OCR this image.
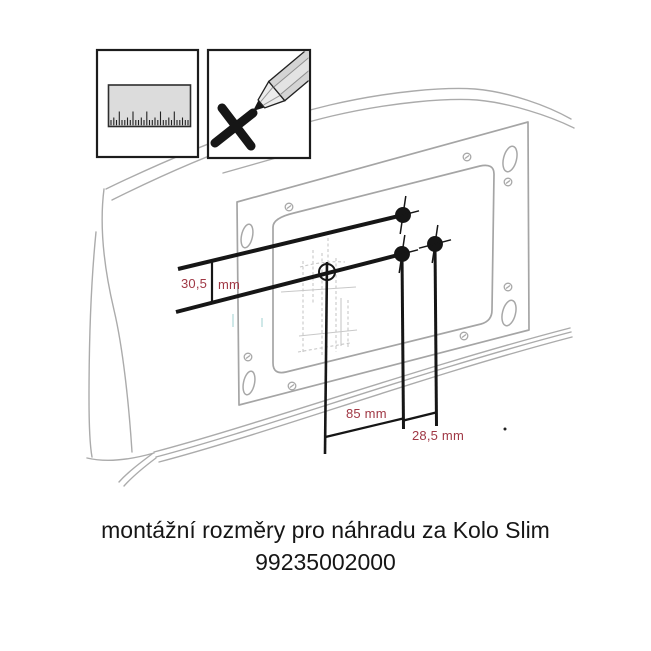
30,5 mm
85 mm
28,5 mm
montážní rozměry pro náhradu za Kolo Slim
99235002000
